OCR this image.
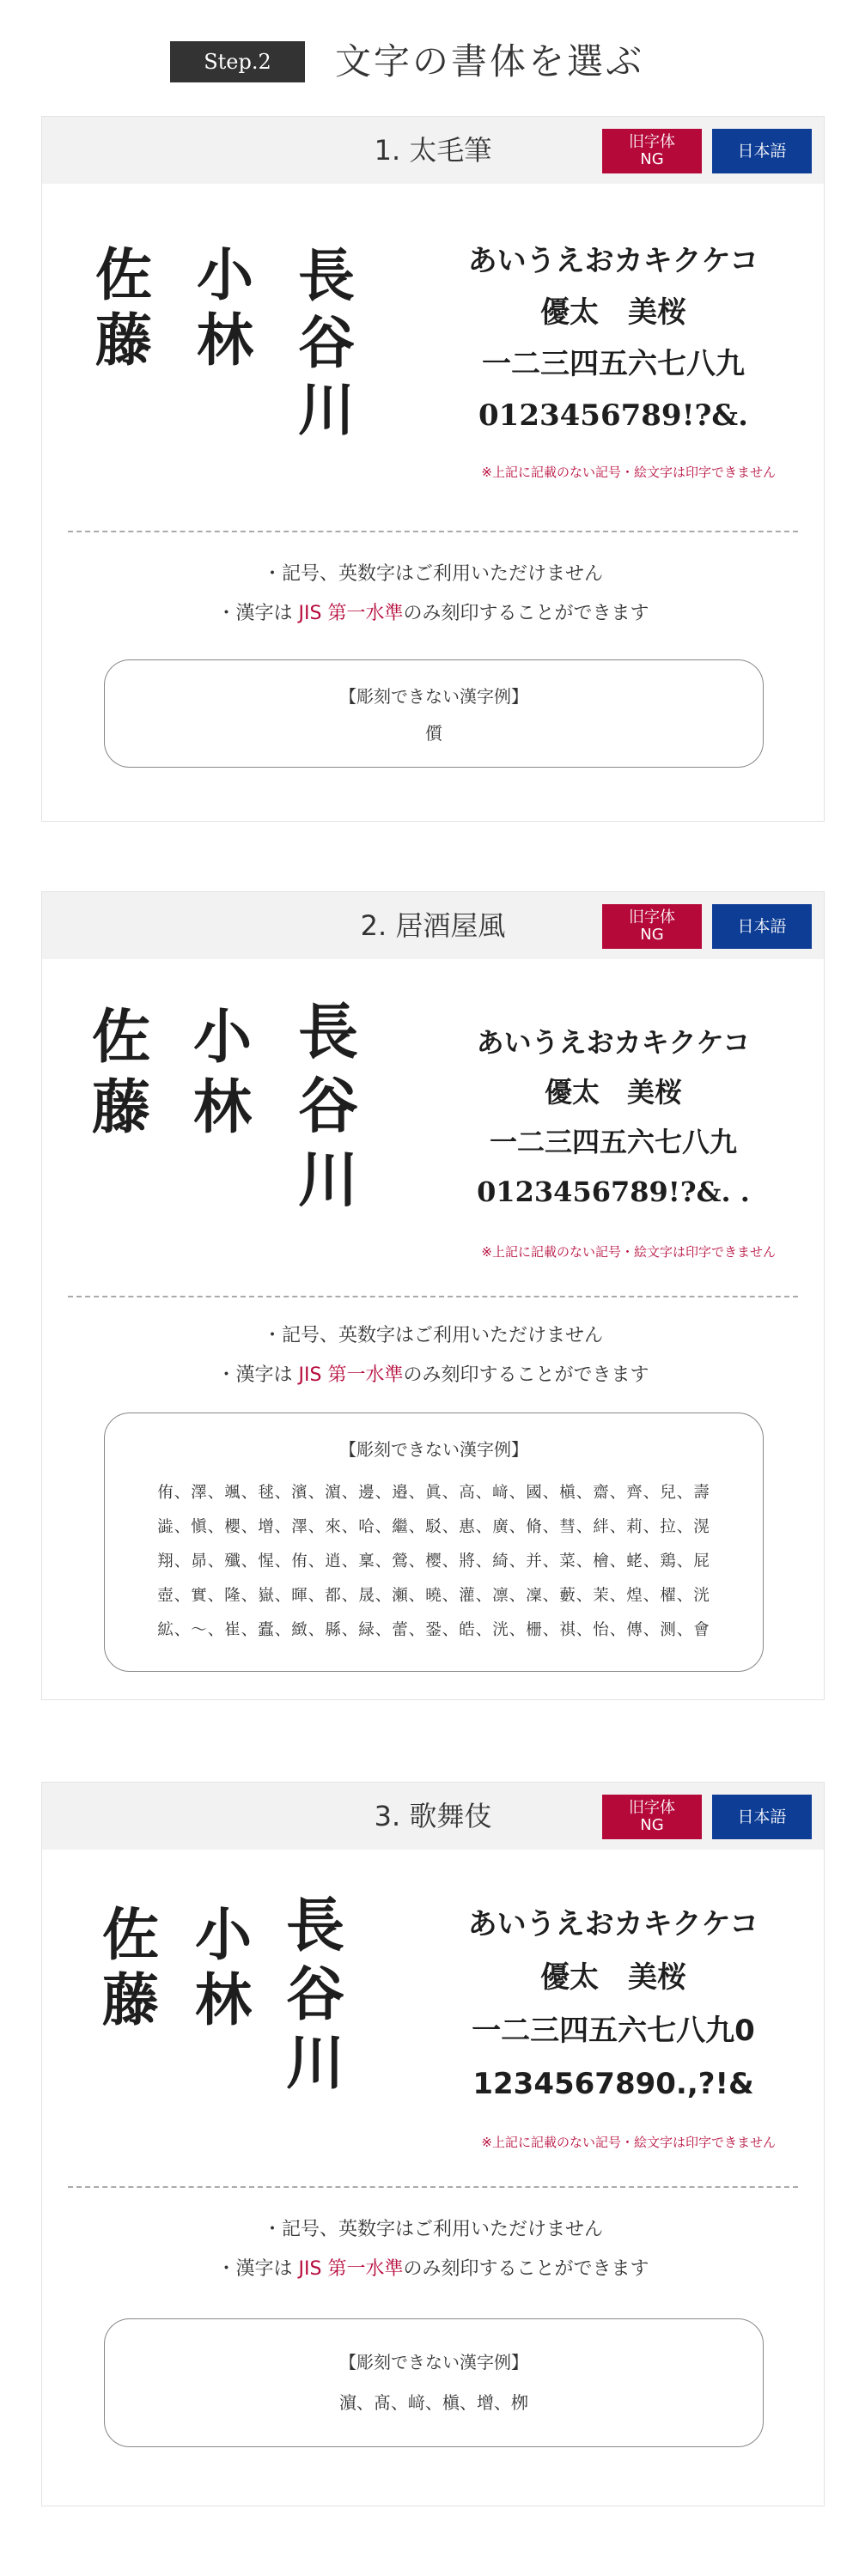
Step.2	文字の書体を選ぶ
1. 太毛筆	旧字体
NG	日本語
佐
藤
小
林
長
谷
川
あいうえおカキクケコ
優太　美桜
一二三四五六七八九
0123456789!?&.
※上記に記載のない記号・絵文字は印字できません
・記号、英数字はご利用いただけません
・漢字は JIS 第一水準のみ刻印することができます
【彫刻できない漢字例】
儨
2. 居酒屋風	旧字体
NG	日本語
佐
藤
小
林
長
谷
川
あいうえおカキクケコ
優太　美桜
一二三四五六七八九
0123456789!?&. .
※上記に記載のない記号・絵文字は印字できません
・記号、英数字はご利用いただけません
・漢字は JIS 第一水準のみ刻印することができます
【彫刻できない漢字例】
侑、澤、颯、毬、濱、濵、邊、邉、眞、高、﨑、國、槇、齋、齊、兒、壽
澁、愼、櫻、增、澤、來、哈、繼、駁、惠、廣、脩、彗、絆、莉、拉、滉
翔、昴、殲、惺、侑、逍、稟、鶯、樱、將、綺、并、菜、檜、蛯、鶏、屁
壺、實、隆、嶽、暉、都、晟、瀬、曉、灌、凛、凜、藪、茉、煌、櫂、洸
絋、〜、崔、蠹、緻、縣、緑、蕾、銎、皓、洸、栅、祺、怡、傳、测、會
3. 歌舞伎	旧字体
NG	日本語
佐
藤
小
林
長
谷
川
あいうえおカキクケコ
優太　美桜
一二三四五六七八九0
1234567890.,?!&
※上記に記載のない記号・絵文字は印字できません
・記号、英数字はご利用いただけません
・漢字は JIS 第一水準のみ刻印することができます
【彫刻できない漢字例】
濵、髙、﨑、槇、增、栁
